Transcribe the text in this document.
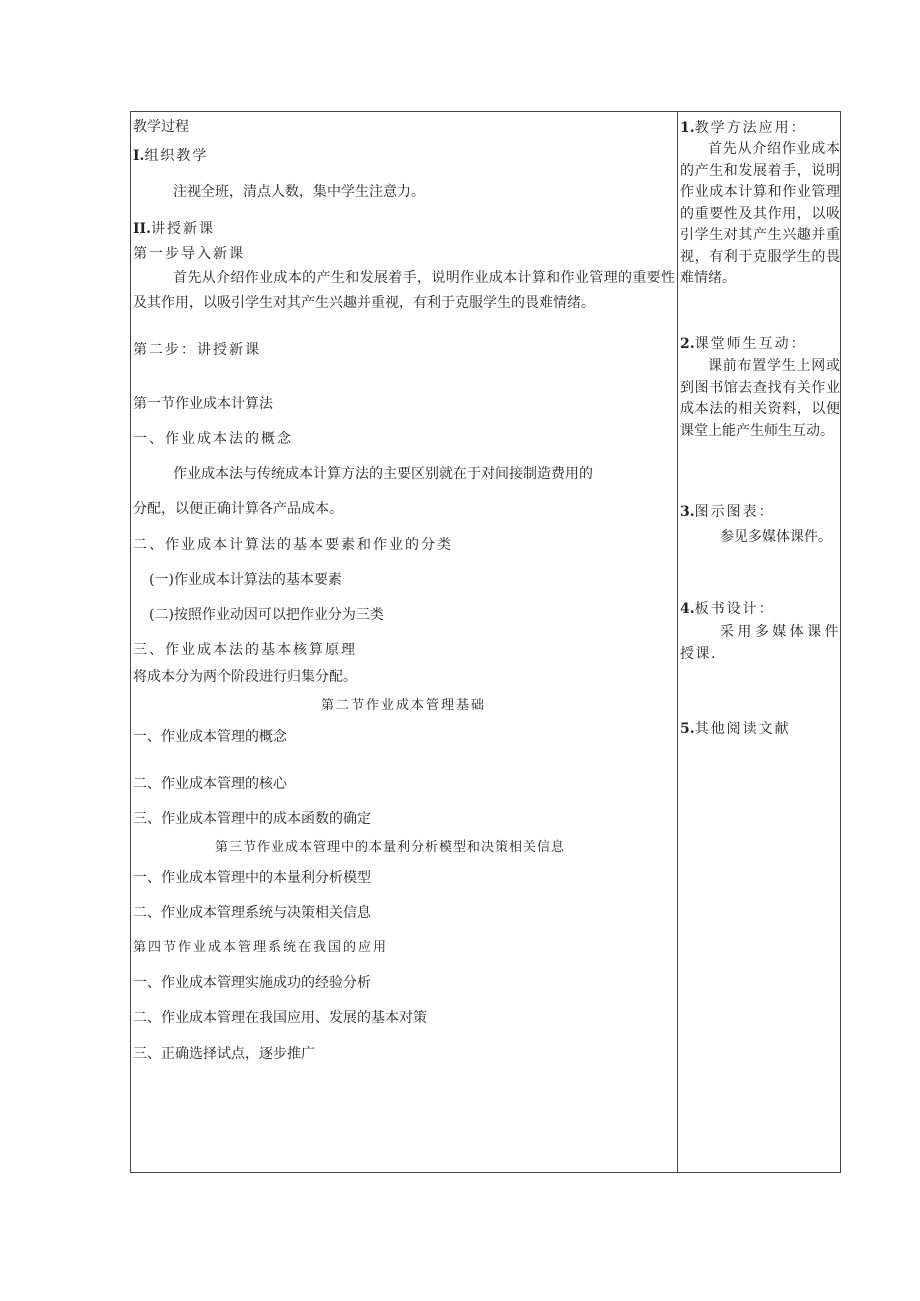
教学过程
I.组织教学
注视全班，清点人数，集中学生注意力。
II.讲授新课
第一步导入新课
首先从介绍作业成本的产生和发展着手，说明作业成本计算和作业管理的重要性及其作用，以吸引学生对其产生兴趣并重视，有利于克服学生的畏难情绪。
第二步：讲授新课
第一节作业成本计算法
一、作业成本法的概念
作业成本法与传统成本计算方法的主要区别就在于对间接制造费用的
分配，以便正确计算各产品成本。
二、作业成本计算法的基本要素和作业的分类
(一)作业成本计算法的基本要素
(二)按照作业动因可以把作业分为三类
三、作业成本法的基本核算原理
将成本分为两个阶段进行归集分配。
第二节作业成本管理基础
一、作业成本管理的概念
二、作业成本管理的核心
三、作业成本管理中的成本函数的确定
第三节作业成本管理中的本量利分析模型和决策相关信息
一、作业成本管理中的本量利分析模型
二、作业成本管理系统与决策相关信息
第四节作业成本管理系统在我国的应用
一、作业成本管理实施成功的经验分析
二、作业成本管理在我国应用、发展的基本对策
三、正确选择试点，逐步推广
1.教学方法应用：
首先从介绍作业成本的产生和发展着手，说明作业成本计算和作业管理的重要性及其作用，以吸引学生对其产生兴趣并重视，有利于克服学生的畏难情绪。
2.课堂师生互动：
课前布置学生上网或到图书馆去查找有关作业成本法的相关资料，以便课堂上能产生师生互动。
3.图示图表：
参见多媒体课件。
4.板书设计：
采用多媒体课件授课.
5.其他阅读文献
